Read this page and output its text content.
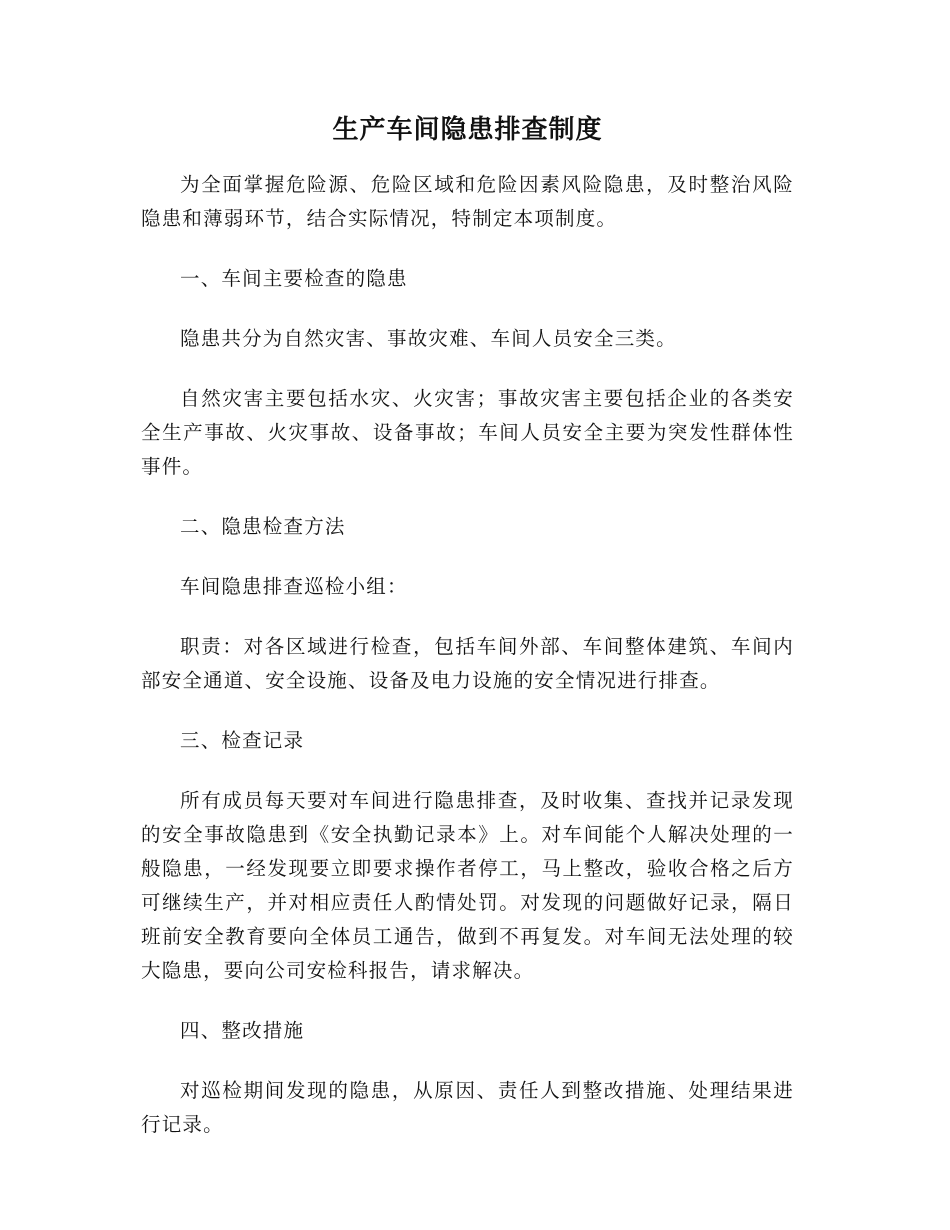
生产车间隐患排查制度

为全面掌握危险源、危险区域和危险因素风险隐患，及时整治风险隐患和薄弱环节，结合实际情况，特制定本项制度。

一、车间主要检查的隐患

隐患共分为自然灾害、事故灾难、车间人员安全三类。

自然灾害主要包括水灾、火灾害；事故灾害主要包括企业的各类安全生产事故、火灾事故、设备事故；车间人员安全主要为突发性群体性事件。

二、隐患检查方法

车间隐患排查巡检小组：

职责：对各区域进行检查，包括车间外部、车间整体建筑、车间内部安全通道、安全设施、设备及电力设施的安全情况进行排查。

三、检查记录

所有成员每天要对车间进行隐患排查，及时收集、查找并记录发现的安全事故隐患到《安全执勤记录本》上。对车间能个人解决处理的一般隐患，一经发现要立即要求操作者停工，马上整改，验收合格之后方可继续生产，并对相应责任人酌情处罚。对发现的问题做好记录，隔日班前安全教育要向全体员工通告，做到不再复发。对车间无法处理的较大隐患，要向公司安检科报告，请求解决。

四、整改措施

对巡检期间发现的隐患，从原因、责任人到整改措施、处理结果进行记录。
